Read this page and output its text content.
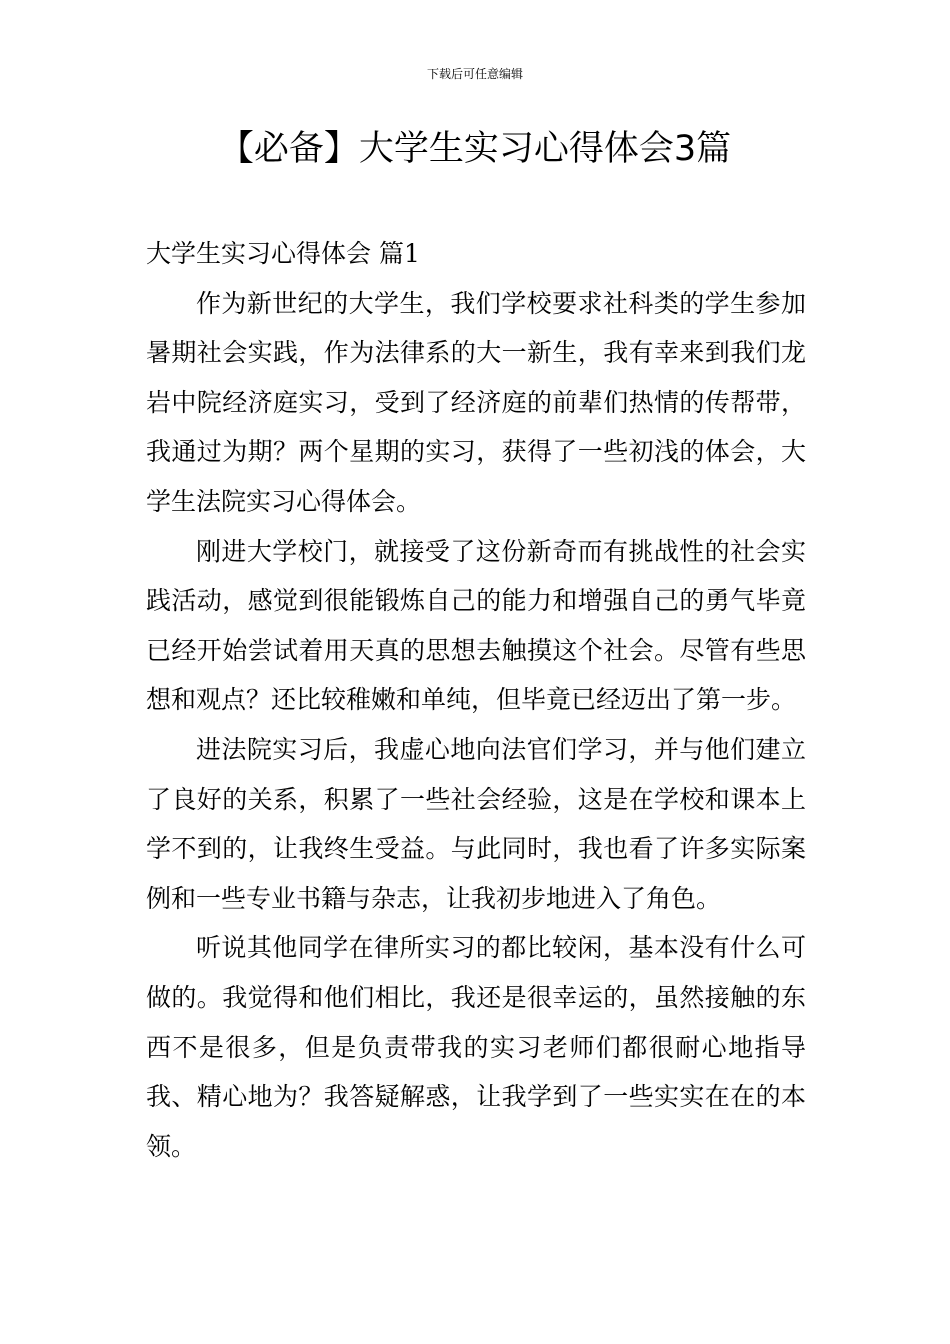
下载后可任意编辑
【必备】大学生实习心得体会3篇
大学生实习心得体会 篇1

作为新世纪的大学生，我们学校要求社科类的学生参加暑期社会实践，作为法律系的大一新生，我有幸来到我们龙岩中院经济庭实习，受到了经济庭的前辈们热情的传帮带，我通过为期？两个星期的实习，获得了一些初浅的体会，大学生法院实习心得体会。

刚进大学校门，就接受了这份新奇而有挑战性的社会实践活动，感觉到很能锻炼自己的能力和增强自己的勇气毕竟已经开始尝试着用天真的思想去触摸这个社会。尽管有些思想和观点？还比较稚嫩和单纯，但毕竟已经迈出了第一步。

进法院实习后，我虚心地向法官们学习，并与他们建立了良好的关系，积累了一些社会经验，这是在学校和课本上学不到的，让我终生受益。与此同时，我也看了许多实际案例和一些专业书籍与杂志，让我初步地进入了角色。

听说其他同学在律所实习的都比较闲，基本没有什么可做的。我觉得和他们相比，我还是很幸运的，虽然接触的东西不是很多，但是负责带我的实习老师们都很耐心地指导我、精心地为？我答疑解惑，让我学到了一些实实在在的本领。
